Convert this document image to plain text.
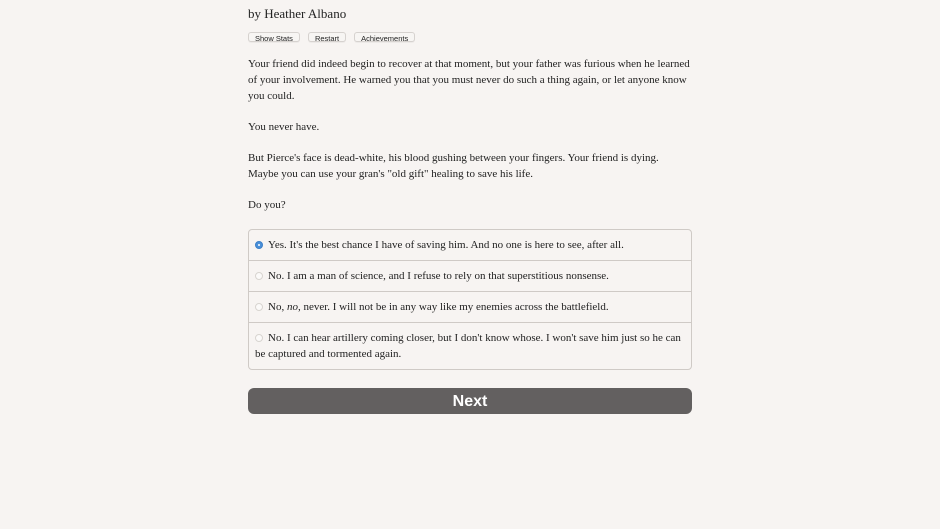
by Heather Albano
Show Stats	Restart	Achievements

Your friend did indeed begin to recover at that moment, but your father was furious when he learned of your involvement. He warned you that you must never do such a thing again, or let anyone know you could.

You never have.

But Pierce's face is dead-white, his blood gushing between your fingers. Your friend is dying. Maybe you can use your gran's "old gift" healing to save his life.

Do you?

Yes. It's the best chance I have of saving him. And no one is here to see, after all.
No. I am a man of science, and I refuse to rely on that superstitious nonsense.
No, no, never. I will not be in any way like my enemies across the battlefield.
No. I can hear artillery coming closer, but I don't know whose. I won't save him just so he can be captured and tormented again.
Next
